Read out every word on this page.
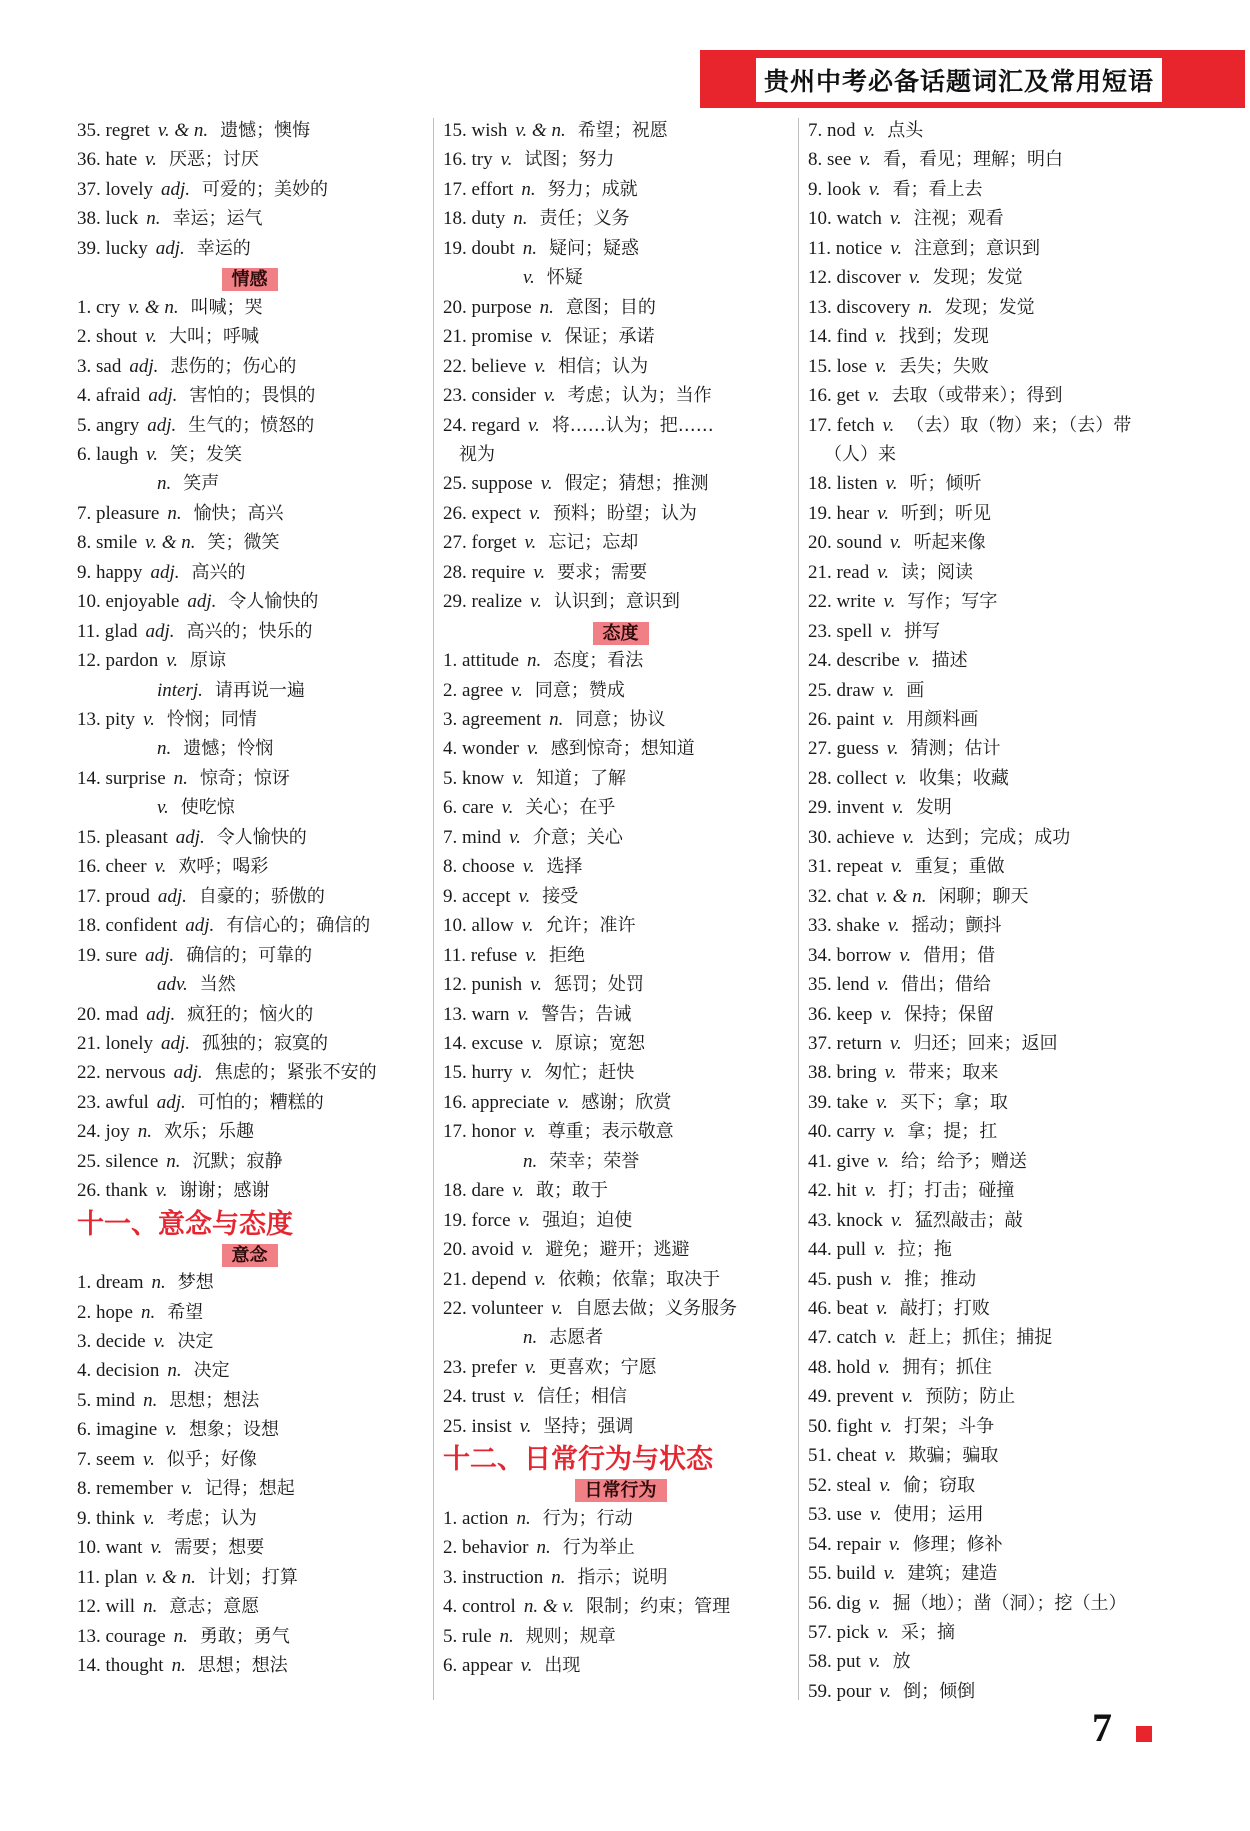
贵州中考必备话题词汇及常用短语
35. regret v. & n. 遗憾；懊悔
36. hate v. 厌恶；讨厌
37. lovely adj. 可爱的；美妙的
38. luck n. 幸运；运气
39. lucky adj. 幸运的
情感
1. cry v. & n. 叫喊；哭
2. shout v. 大叫；呼喊
3. sad adj. 悲伤的；伤心的
4. afraid adj. 害怕的；畏惧的
5. angry adj. 生气的；愤怒的
6. laugh v. 笑；发笑
n. 笑声
7. pleasure n. 愉快；高兴
8. smile v. & n. 笑；微笑
9. happy adj. 高兴的
10. enjoyable adj. 令人愉快的
11. glad adj. 高兴的；快乐的
12. pardon v. 原谅
interj. 请再说一遍
13. pity v. 怜悯；同情
n. 遗憾；怜悯
14. surprise n. 惊奇；惊讶
v. 使吃惊
15. pleasant adj. 令人愉快的
16. cheer v. 欢呼；喝彩
17. proud adj. 自豪的；骄傲的
18. confident adj. 有信心的；确信的
19. sure adj. 确信的；可靠的
adv. 当然
20. mad adj. 疯狂的；恼火的
21. lonely adj. 孤独的；寂寞的
22. nervous adj. 焦虑的；紧张不安的
23. awful adj. 可怕的；糟糕的
24. joy n. 欢乐；乐趣
25. silence n. 沉默；寂静
26. thank v. 谢谢；感谢
十一、意念与态度
意念
1. dream n. 梦想
2. hope n. 希望
3. decide v. 决定
4. decision n. 决定
5. mind n. 思想；想法
6. imagine v. 想象；设想
7. seem v. 似乎；好像
8. remember v. 记得；想起
9. think v. 考虑；认为
10. want v. 需要；想要
11. plan v. & n. 计划；打算
12. will n. 意志；意愿
13. courage n. 勇敢；勇气
14. thought n. 思想；想法
15. wish v. & n. 希望；祝愿
16. try v. 试图；努力
17. effort n. 努力；成就
18. duty n. 责任；义务
19. doubt n. 疑问；疑惑
v. 怀疑
20. purpose n. 意图；目的
21. promise v. 保证；承诺
22. believe v. 相信；认为
23. consider v. 考虑；认为；当作
24. regard v. 将……认为；把……
视为
25. suppose v. 假定；猜想；推测
26. expect v. 预料；盼望；认为
27. forget v. 忘记；忘却
28. require v. 要求；需要
29. realize v. 认识到；意识到
态度
1. attitude n. 态度；看法
2. agree v. 同意；赞成
3. agreement n. 同意；协议
4. wonder v. 感到惊奇；想知道
5. know v. 知道；了解
6. care v. 关心；在乎
7. mind v. 介意；关心
8. choose v. 选择
9. accept v. 接受
10. allow v. 允许；准许
11. refuse v. 拒绝
12. punish v. 惩罚；处罚
13. warn v. 警告；告诫
14. excuse v. 原谅；宽恕
15. hurry v. 匆忙；赶快
16. appreciate v. 感谢；欣赏
17. honor v. 尊重；表示敬意
n. 荣幸；荣誉
18. dare v. 敢；敢于
19. force v. 强迫；迫使
20. avoid v. 避免；避开；逃避
21. depend v. 依赖；依靠；取决于
22. volunteer v. 自愿去做；义务服务
n. 志愿者
23. prefer v. 更喜欢；宁愿
24. trust v. 信任；相信
25. insist v. 坚持；强调
十二、日常行为与状态
日常行为
1. action n. 行为；行动
2. behavior n. 行为举止
3. instruction n. 指示；说明
4. control n. & v. 限制；约束；管理
5. rule n. 规则；规章
6. appear v. 出现
7. nod v. 点头
8. see v. 看，看见；理解；明白
9. look v. 看；看上去
10. watch v. 注视；观看
11. notice v. 注意到；意识到
12. discover v. 发现；发觉
13. discovery n. 发现；发觉
14. find v. 找到；发现
15. lose v. 丢失；失败
16. get v. 去取（或带来）；得到
17. fetch v. （去）取（物）来；（去）带
（人）来
18. listen v. 听；倾听
19. hear v. 听到；听见
20. sound v. 听起来像
21. read v. 读；阅读
22. write v. 写作；写字
23. spell v. 拼写
24. describe v. 描述
25. draw v. 画
26. paint v. 用颜料画
27. guess v. 猜测；估计
28. collect v. 收集；收藏
29. invent v. 发明
30. achieve v. 达到；完成；成功
31. repeat v. 重复；重做
32. chat v. & n. 闲聊；聊天
33. shake v. 摇动；颤抖
34. borrow v. 借用；借
35. lend v. 借出；借给
36. keep v. 保持；保留
37. return v. 归还；回来；返回
38. bring v. 带来；取来
39. take v. 买下；拿；取
40. carry v. 拿；提；扛
41. give v. 给；给予；赠送
42. hit v. 打；打击；碰撞
43. knock v. 猛烈敲击；敲
44. pull v. 拉；拖
45. push v. 推；推动
46. beat v. 敲打；打败
47. catch v. 赶上；抓住；捕捉
48. hold v. 拥有；抓住
49. prevent v. 预防；防止
50. fight v. 打架；斗争
51. cheat v. 欺骗；骗取
52. steal v. 偷；窃取
53. use v. 使用；运用
54. repair v. 修理；修补
55. build v. 建筑；建造
56. dig v. 掘（地）；凿（洞）；挖（土）
57. pick v. 采；摘
58. put v. 放
59. pour v. 倒；倾倒
7
